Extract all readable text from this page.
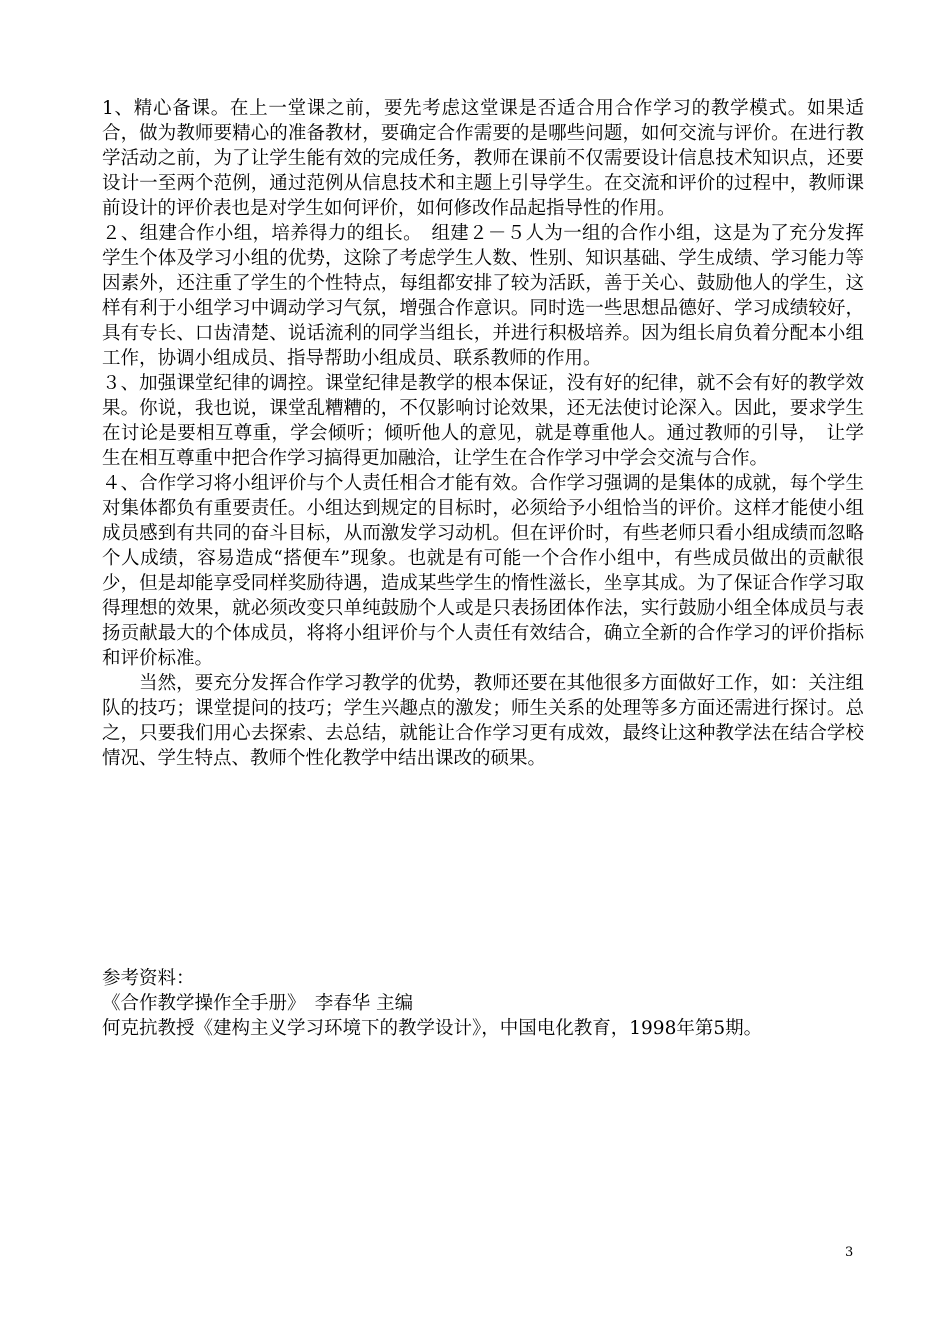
1、精心备课。在上一堂课之前，要先考虑这堂课是否适合用合作学习的教学模式。如果适合，做为教师要精心的准备教材，要确定合作需要的是哪些问题，如何交流与评价。在进行教学活动之前，为了让学生能有效的完成任务，教师在课前不仅需要设计信息技术知识点，还要设计一至两个范例，通过范例从信息技术和主题上引导学生。在交流和评价的过程中，教师课前设计的评价表也是对学生如何评价，如何修改作品起指导性的作用。

２、组建合作小组，培养得力的组长。　组建２－５人为一组的合作小组，这是为了充分发挥学生个体及学习小组的优势，这除了考虑学生人数、性别、知识基础、学生成绩、学习能力等因素外，还注重了学生的个性特点，每组都安排了较为活跃，善于关心、鼓励他人的学生，这样有利于小组学习中调动学习气氛，增强合作意识。同时选一些思想品德好、学习成绩较好，具有专长、口齿清楚、说话流利的同学当组长，并进行积极培养。因为组长肩负着分配本小组工作，协调小组成员、指导帮助小组成员、联系教师的作用。

３、加强课堂纪律的调控。课堂纪律是教学的根本保证，没有好的纪律，就不会有好的教学效果。你说，我也说，课堂乱糟糟的，不仅影响讨论效果，还无法使讨论深入。因此，要求学生在讨论是要相互尊重，学会倾听；倾听他人的意见，就是尊重他人。通过教师的引导，　让学生在相互尊重中把合作学习搞得更加融洽，让学生在合作学习中学会交流与合作。

４、合作学习将小组评价与个人责任相合才能有效。合作学习强调的是集体的成就，每个学生对集体都负有重要责任。小组达到规定的目标时，必须给予小组恰当的评价。这样才能使小组成员感到有共同的奋斗目标，从而激发学习动机。但在评价时，有些老师只看小组成绩而忽略个人成绩，容易造成“搭便车”现象。也就是有可能一个合作小组中，有些成员做出的贡献很少，但是却能享受同样奖励待遇，造成某些学生的惰性滋长，坐享其成。为了保证合作学习取得理想的效果，就必须改变只单纯鼓励个人或是只表扬团体作法，实行鼓励小组全体成员与表扬贡献最大的个体成员，将将小组评价与个人责任有效结合，确立全新的合作学习的评价指标和评价标准。

当然，要充分发挥合作学习教学的优势，教师还要在其他很多方面做好工作，如：关注组队的技巧；课堂提问的技巧；学生兴趣点的激发；师生关系的处理等多方面还需进行探讨。总之，只要我们用心去探索、去总结，就能让合作学习更有成效，最终让这种教学法在结合学校情况、学生特点、教师个性化教学中结出课改的硕果。

参考资料：

《合作教学操作全手册》　李春华 主编

何克抗教授《建构主义学习环境下的教学设计》，中国电化教育，1998年第5期。

3
